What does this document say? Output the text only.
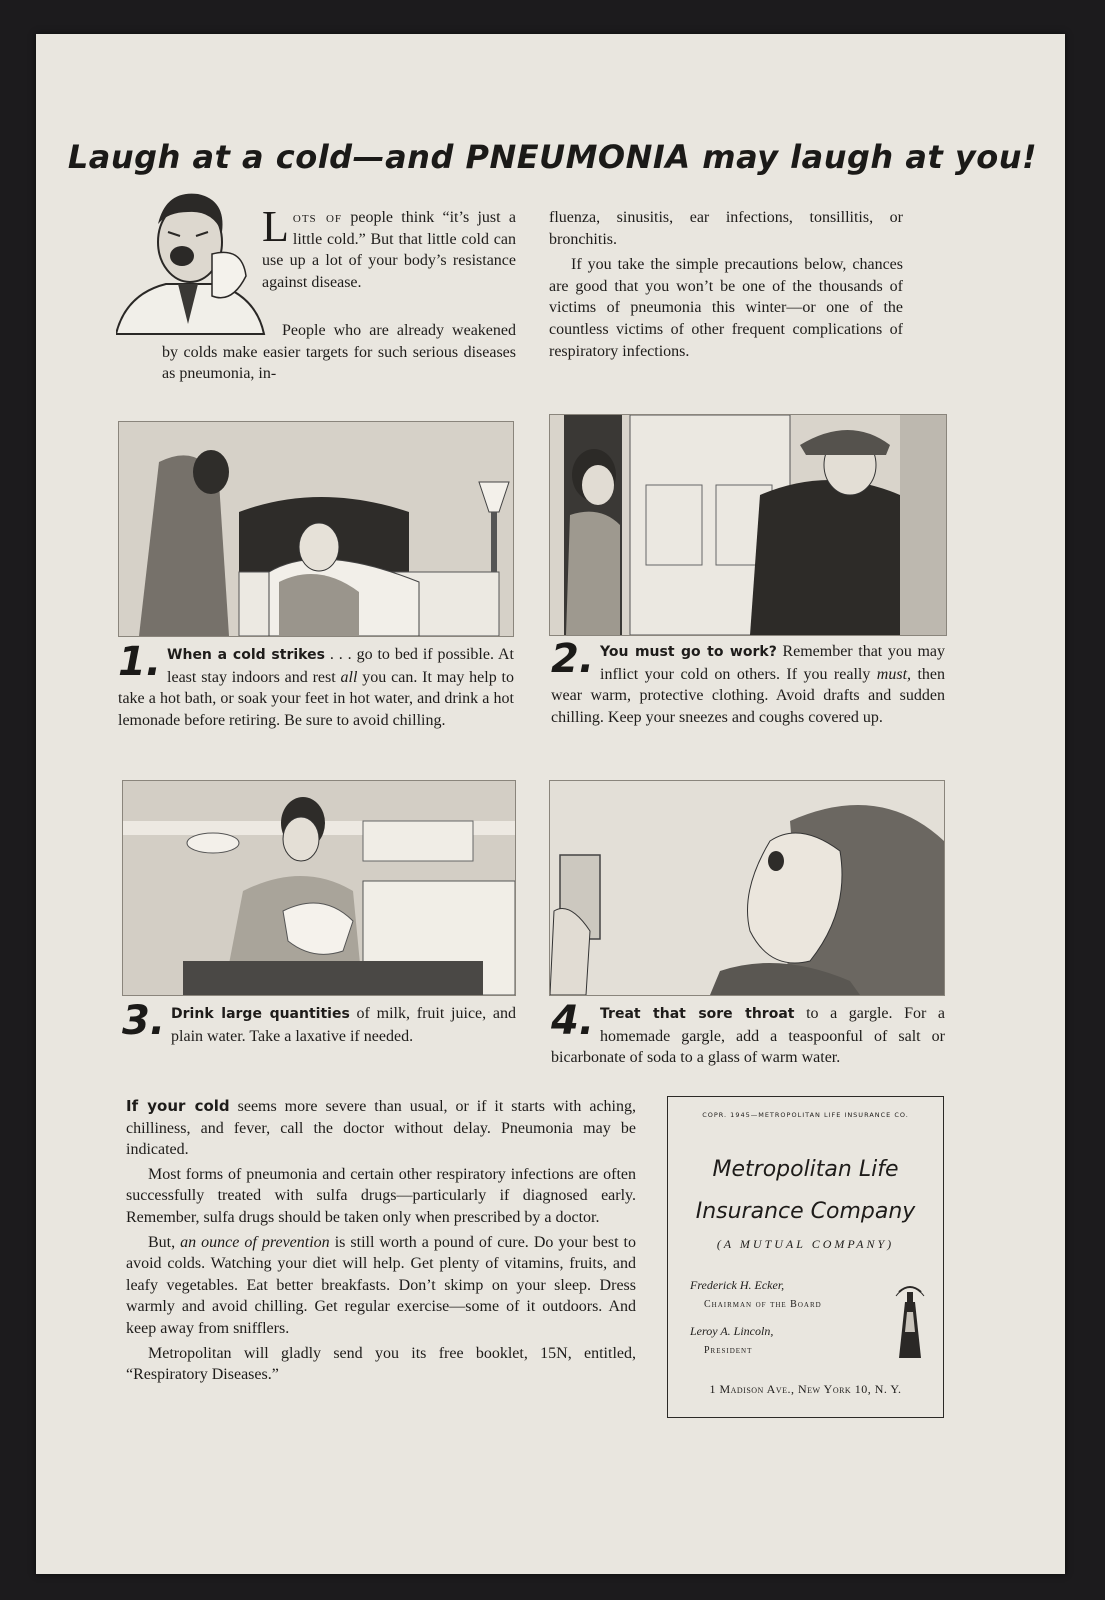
Laugh at a cold—and PNEUMONIA may laugh at you!
Lots of people think “it’s just a little cold.” But that little cold can use up a lot of your body’s resistance against disease.

People who are already weakened by colds make easier targets for such serious diseases as pneumonia, in-

fluenza, sinusitis, ear infections, tonsillitis, or bronchitis.

If you take the simple precautions below, chances are good that you won’t be one of the thousands of victims of pneumonia this winter—or one of the countless victims of other frequent complications of respiratory infections.

1. When a cold strikes . . . go to bed if possible. At least stay indoors and rest all you can. It may help to take a hot bath, or soak your feet in hot water, and drink a hot lemonade before retiring. Be sure to avoid chilling.
2. You must go to work? Remember that you may inflict your cold on others. If you really must, then wear warm, protective clothing. Avoid drafts and sudden chilling. Keep your sneezes and coughs covered up.
3. Drink large quantities of milk, fruit juice, and plain water. Take a laxative if needed.	4. Treat that sore throat to a gargle. For a homemade gargle, add a teaspoonful of salt or bicarbonate of soda to a glass of warm water.

If your cold seems more severe than usual, or if it starts with aching, chilliness, and fever, call the doctor without delay. Pneumonia may be indicated.

Most forms of pneumonia and certain other respiratory infections are often successfully treated with sulfa drugs—particularly if diagnosed early. Remember, sulfa drugs should be taken only when prescribed by a doctor.

But, an ounce of prevention is still worth a pound of cure. Do your best to avoid colds. Watching your diet will help. Get plenty of vitamins, fruits, and leafy vegetables. Eat better breakfasts. Don’t skimp on your sleep. Dress warmly and avoid chilling. Get regular exercise—some of it outdoors. And keep away from snifflers.

Metropolitan will gladly send you its free booklet, 15N, entitled, “Respiratory Diseases.”

COPR. 1945—METROPOLITAN LIFE INSURANCE CO.
Metropolitan Life
Insurance Company
(A MUTUAL COMPANY)
Frederick H. Ecker,
Chairman of the Board
Leroy A. Lincoln,
President
1 Madison Ave., New York 10, N. Y.
